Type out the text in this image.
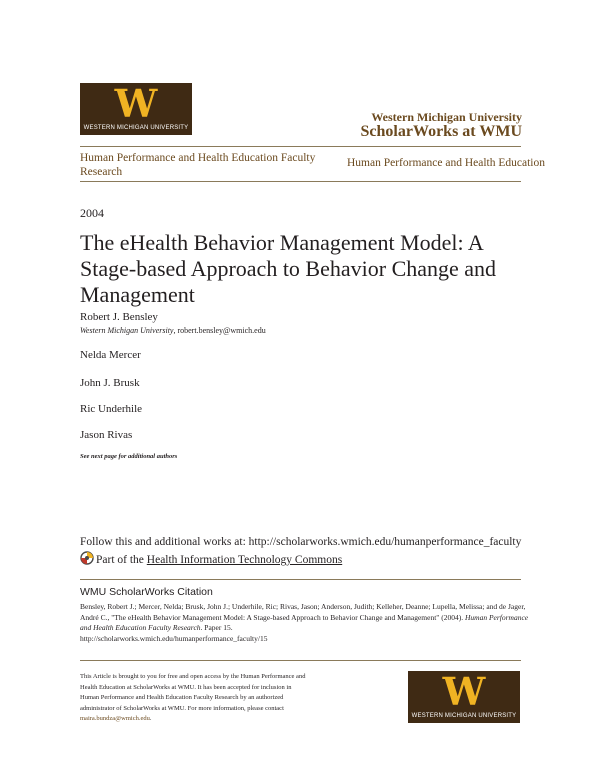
W
WESTERN MICHIGAN UNIVERSITY
Western Michigan University
ScholarWorks at WMU
Human Performance and Health Education Faculty Research
Human Performance and Health Education
2004
The eHealth Behavior Management Model: A Stage-based Approach to Behavior Change and Management
Robert J. Bensley
Western Michigan University, robert.bensley@wmich.edu
Nelda Mercer
John J. Brusk
Ric Underhile
Jason Rivas
See next page for additional authors
Follow this and additional works at: http://scholarworks.wmich.edu/humanperformance_faculty
Part of the Health Information Technology Commons
WMU ScholarWorks Citation
Bensley, Robert J.; Mercer, Nelda; Brusk, John J.; Underhile, Ric; Rivas, Jason; Anderson, Judith; Kelleher, Deanne; Lupella, Melissa; and de Jager, André C., "The eHealth Behavior Management Model: A Stage-based Approach to Behavior Change and Management" (2004). Human Performance and Health Education Faculty Research. Paper 15.
http://scholarworks.wmich.edu/humanperformance_faculty/15
This Article is brought to you for free and open access by the Human Performance and Health Education at ScholarWorks at WMU. It has been accepted for inclusion in Human Performance and Health Education Faculty Research by an authorized administrator of ScholarWorks at WMU. For more information, please contact maira.bundza@wmich.edu.
W
WESTERN MICHIGAN UNIVERSITY
